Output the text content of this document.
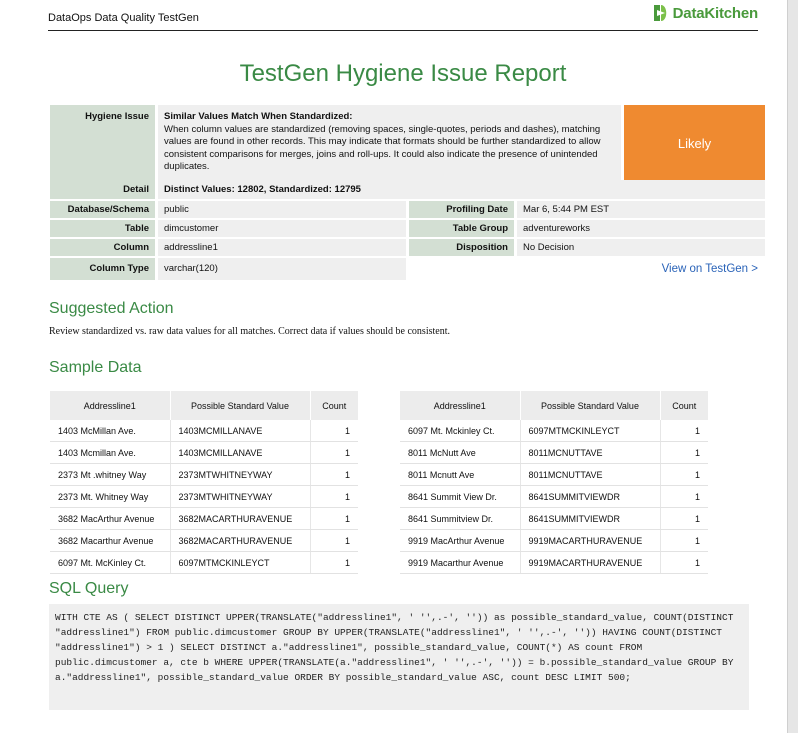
DataOps Data Quality TestGen	DataKitchen
TestGen Hygiene Issue Report
Hygiene Issue	Similar Values Match When Standardized:
When column values are standardized (removing spaces, single-quotes, periods and dashes), matching values are found in other records. This may indicate that formats should be further standardized to allow consistent comparisons for merges, joins and roll-ups. It could also indicate the presence of unintended duplicates.
Likely
Detail	Distinct Values: 12802, Standardized: 12795
Database/Schema	public
Table	dimcustomer
Column	addressline1
Column Type	varchar(120)
Profiling Date	Mar 6, 5:44 PM EST
Table Group	adventureworks
Disposition	No Decision
View on TestGen >
Suggested Action
Review standardized vs. raw data values for all matches. Correct data if values should be consistent.
Sample Data
Addressline1	Possible Standard Value	Count
1403 McMillan Ave.	1403MCMILLANAVE	1
1403 Mcmillan Ave.	1403MCMILLANAVE	1
2373 Mt .whitney Way	2373MTWHITNEYWAY	1
2373 Mt. Whitney Way	2373MTWHITNEYWAY	1
3682 MacArthur Avenue	3682MACARTHURAVENUE	1
3682 Macarthur Avenue	3682MACARTHURAVENUE	1
6097 Mt. McKinley Ct.	6097MTMCKINLEYCT	1
Addressline1	Possible Standard Value	Count
6097 Mt. Mckinley Ct.	6097MTMCKINLEYCT	1
8011 McNutt Ave	8011MCNUTTAVE	1
8011 Mcnutt Ave	8011MCNUTTAVE	1
8641 Summit View Dr.	8641SUMMITVIEWDR	1
8641 Summitview Dr.	8641SUMMITVIEWDR	1
9919 MacArthur Avenue	9919MACARTHURAVENUE	1
9919 Macarthur Avenue	9919MACARTHURAVENUE	1
SQL Query
WITH CTE AS ( SELECT DISTINCT UPPER(TRANSLATE("addressline1", ' '',.-', '')) as possible_standard_value, COUNT(DISTINCT "addressline1") FROM public.dimcustomer GROUP BY UPPER(TRANSLATE("addressline1", ' '',.-', '')) HAVING COUNT(DISTINCT "addressline1") > 1 ) SELECT DISTINCT a."addressline1", possible_standard_value, COUNT(*) AS count FROM public.dimcustomer a, cte b WHERE UPPER(TRANSLATE(a."addressline1", ' '',.-', '')) = b.possible_standard_value GROUP BY a."addressline1", possible_standard_value ORDER BY possible_standard_value ASC, count DESC LIMIT 500;
